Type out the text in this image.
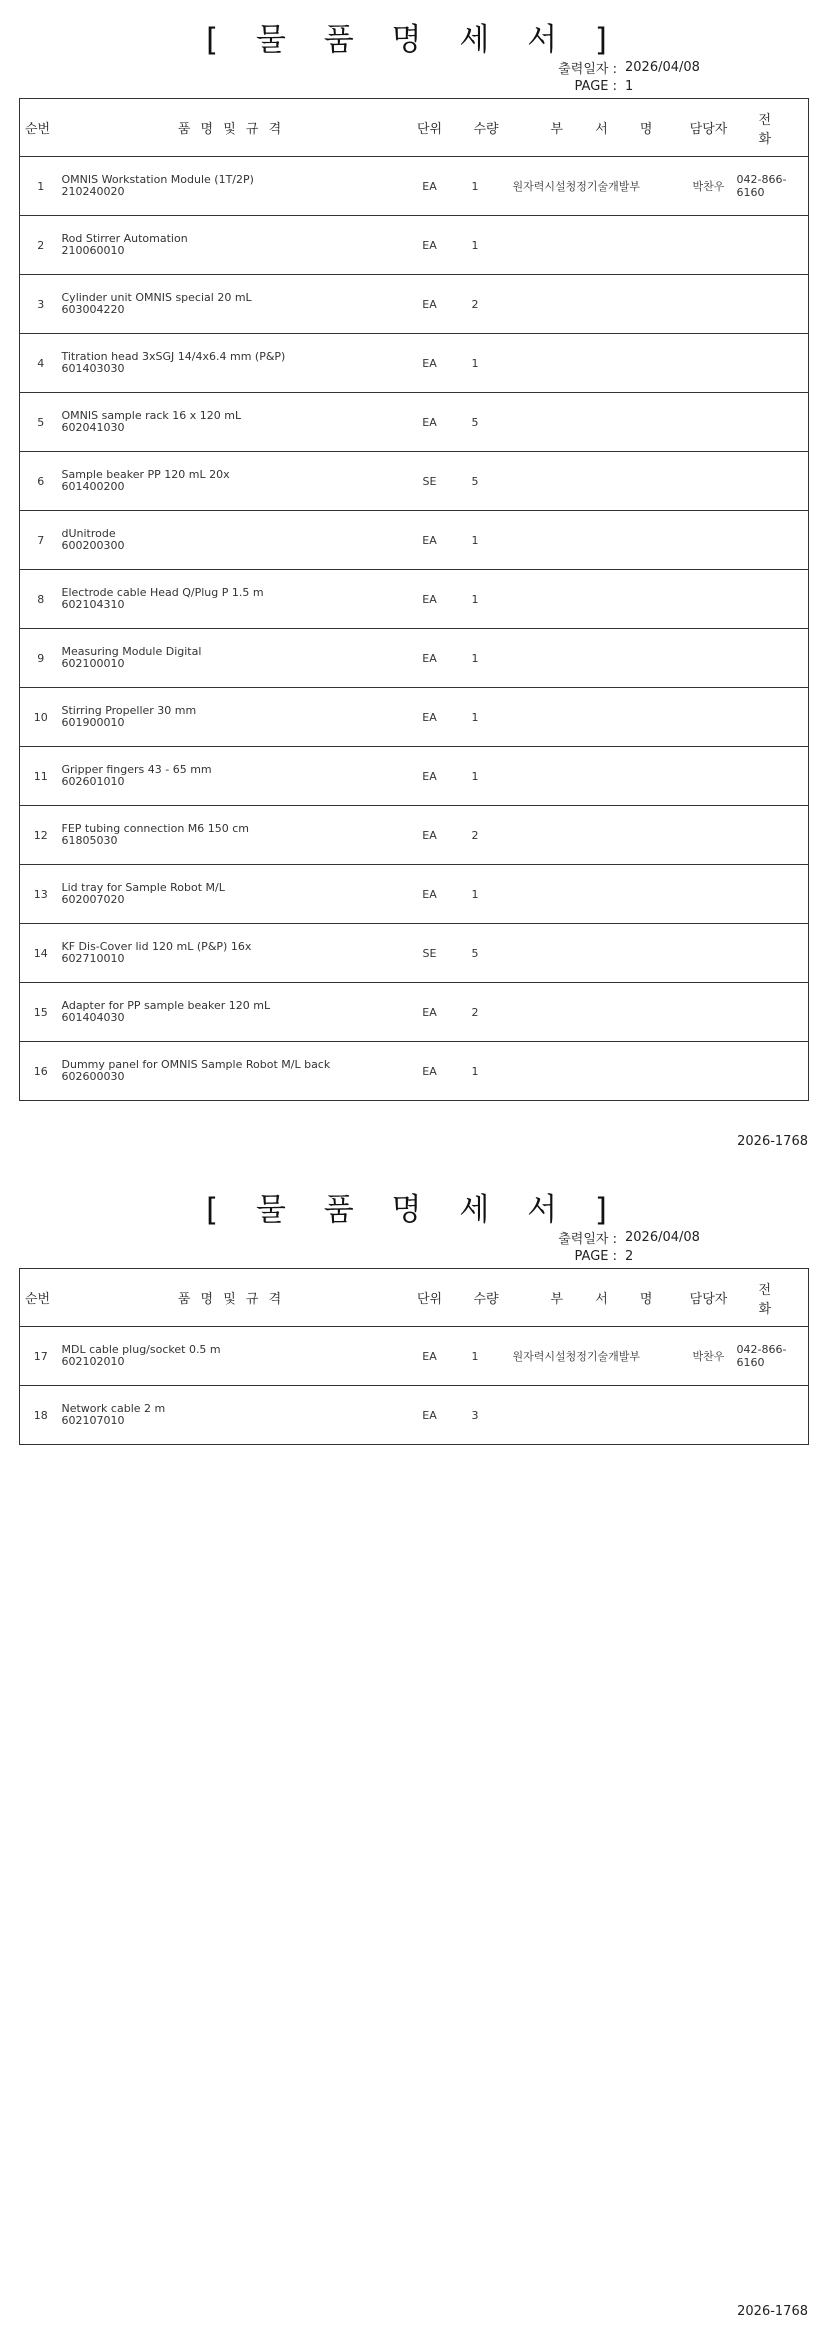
[ 물 품 명 세 서 ]
출력일자 : 2026/04/08
PAGE : 1
순번	품 명 및 규 격	단위	수량	부 서 명	담당자	전 화
1	OMNIS Workstation Module (1T/2P)
210240020	EA	1	원자력시설청정기술개발부	박찬우	042-866-6160
2	Rod Stirrer Automation
210060010	EA	1			
3	Cylinder unit OMNIS special 20 mL
603004220	EA	2			
4	Titration head 3xSGJ 14/4x6.4 mm (P&P)
601403030	EA	1			
5	OMNIS sample rack 16 x 120 mL
602041030	EA	5			
6	Sample beaker PP 120 mL 20x
601400200	SE	5			
7	dUnitrode
600200300	EA	1			
8	Electrode cable Head Q/Plug P 1.5 m
602104310	EA	1			
9	Measuring Module Digital
602100010	EA	1			
10	Stirring Propeller 30 mm
601900010	EA	1			
11	Gripper fingers 43 - 65 mm
602601010	EA	1			
12	FEP tubing connection M6 150 cm
61805030	EA	2			
13	Lid tray for Sample Robot M/L
602007020	EA	1			
14	KF Dis-Cover lid 120 mL (P&P) 16x
602710010	SE	5			
15	Adapter for PP sample beaker 120 mL
601404030	EA	2			
16	Dummy panel for OMNIS Sample Robot M/L back
602600030	EA	1			
2026-1768
[ 물 품 명 세 서 ]
출력일자 : 2026/04/08
PAGE : 2
순번	품 명 및 규 격	단위	수량	부 서 명	담당자	전 화
17	MDL cable plug/socket 0.5 m
602102010	EA	1	원자력시설청정기술개발부	박찬우	042-866-6160
18	Network cable 2 m
602107010	EA	3			
2026-1768
